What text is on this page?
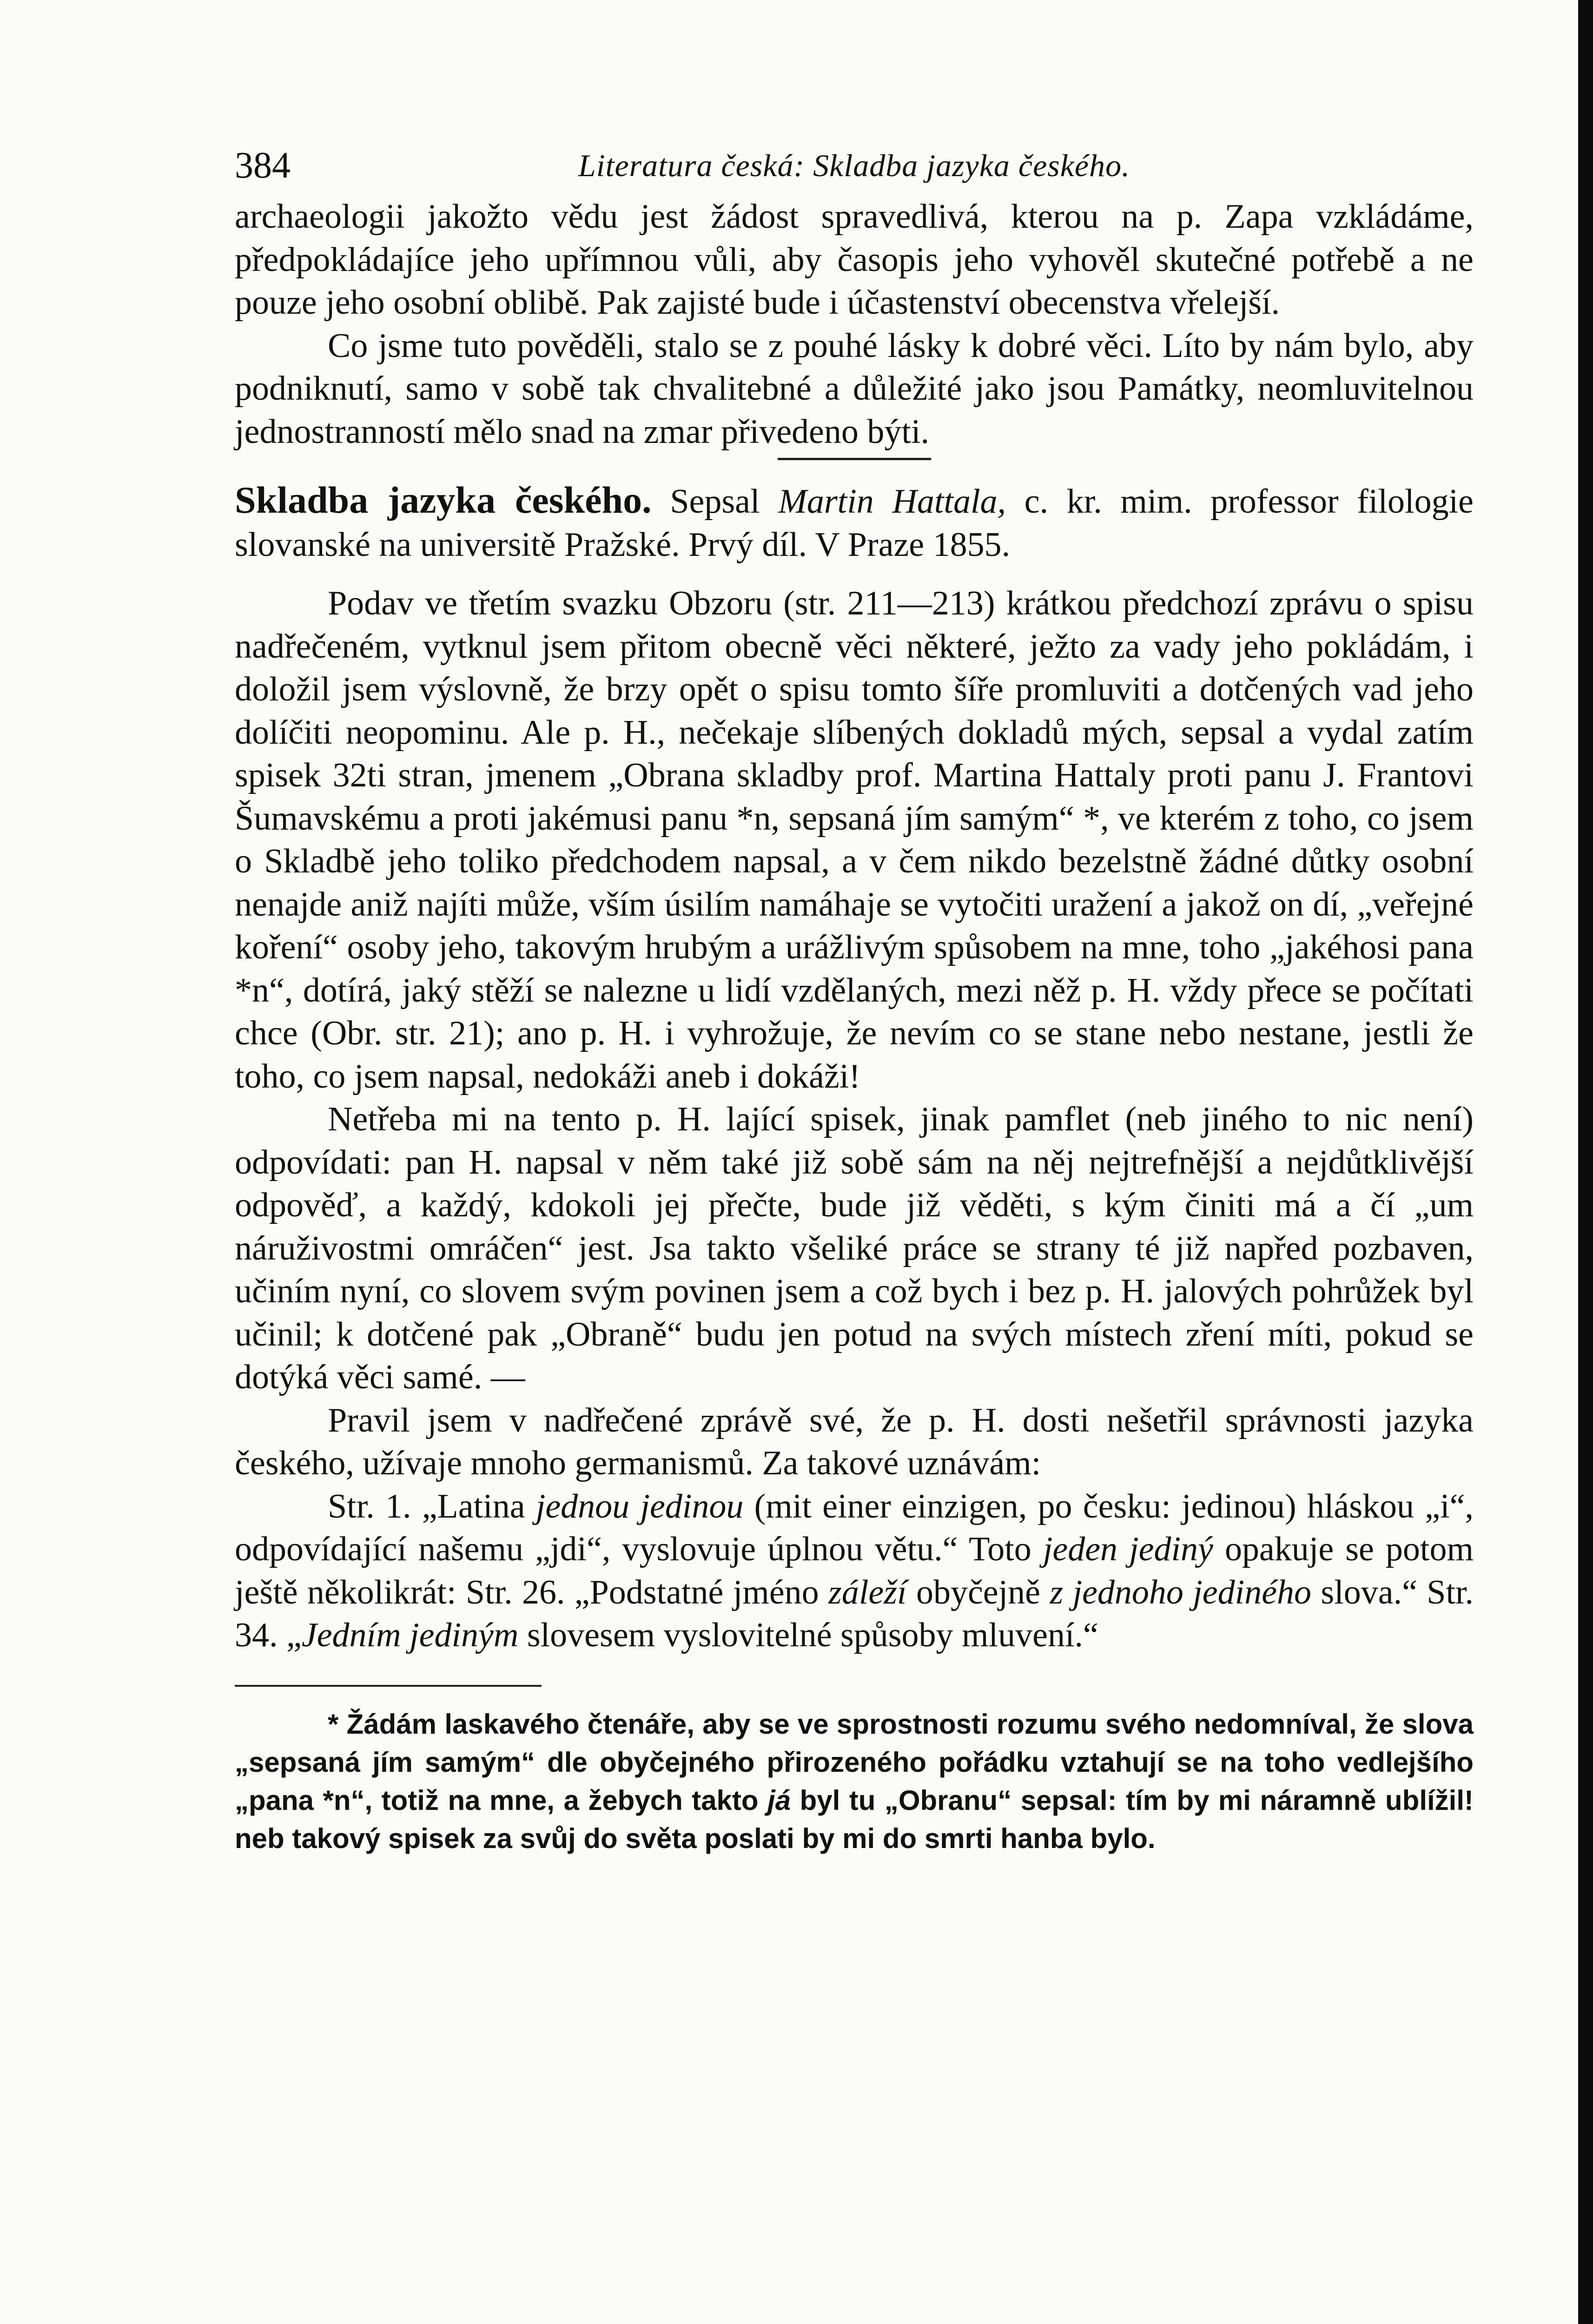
384	Literatura česká: Skladba jazyka českého.

archaeologii jakožto vědu jest žádost spravedlivá, kterou na p. Zapa vzkládáme, předpokládajíce jeho upřímnou vůli, aby časopis jeho vyhověl skutečné potřebě a ne pouze jeho osobní oblibě. Pak zajisté bude i účastenství obecenstva vřelejší.

Co jsme tuto pověděli, stalo se z pouhé lásky k dobré věci. Líto by nám bylo, aby podniknutí, samo v sobě tak chvalitebné a důležité jako jsou Památky, neomluvitelnou jednostranností mělo snad na zmar přivedeno býti.

Skladba jazyka českého. Sepsal Martin Hattala, c. kr. mim. professor filologie slovanské na universitě Pražské. Prvý díl. V Praze 1855.

Podav ve třetím svazku Obzoru (str. 211—213) krátkou předchozí zprávu o spisu nadřečeném, vytknul jsem přitom obecně věci některé, ježto za vady jeho pokládám, i doložil jsem výslovně, že brzy opět o spisu tomto šíře promluviti a dotčených vad jeho dolíčiti neopominu. Ale p. H., nečekaje slíbených dokladů mých, sepsal a vydal zatím spisek 32ti stran, jmenem „Obrana skladby prof. Martina Hattaly proti panu J. Frantovi Šumavskému a proti jakémusi panu *n, sepsaná jím samým“ *, ve kterém z toho, co jsem o Skladbě jeho toliko předchodem napsal, a v čem nikdo bezelstně žádné důtky osobní nenajde aniž najíti může, vším úsilím namáhaje se vytočiti uražení a jakož on dí, „veřejné koření“ osoby jeho, takovým hrubým a urážlivým spůsobem na mne, toho „jakéhosi pana *n“, dotírá, jaký stěží se nalezne u lidí vzdělaných, mezi něž p. H. vždy přece se počítati chce (Obr. str. 21); ano p. H. i vyhrožuje, že nevím co se stane nebo nestane, jestli že toho, co jsem napsal, nedokáži aneb i dokáži!

Netřeba mi na tento p. H. lající spisek, jinak pamflet (neb jiného to nic není) odpovídati: pan H. napsal v něm také již sobě sám na něj nejtrefnější a nejdůtklivější odpověď, a každý, kdokoli jej přečte, bude již věděti, s kým činiti má a čí „um náruživostmi omráčen“ jest. Jsa takto všeliké práce se strany té již napřed pozbaven, učiním nyní, co slovem svým povinen jsem a což bych i bez p. H. jalových pohrůžek byl učinil; k dotčené pak „Obraně“ budu jen potud na svých místech zření míti, pokud se dotýká věci samé. —

Pravil jsem v nadřečené zprávě své, že p. H. dosti nešetřil správnosti jazyka českého, užívaje mnoho germanismů. Za takové uznávám:

Str. 1. „Latina jednou jedinou (mit einer einzigen, po česku: jedinou) hláskou „i“, odpovídající našemu „jdi“, vyslovuje úplnou větu.“ Toto jeden jediný opakuje se potom ještě několikrát: Str. 26. „Podstatné jméno záleží obyčejně z jednoho jediného slova.“ Str. 34. „Jedním jediným slovesem vyslovitelné spůsoby mluvení.“

* Žádám laskavého čtenáře, aby se ve sprostnosti rozumu svého nedomníval, že slova „sepsaná jím samým“ dle obyčejného přirozeného pořádku vztahují se na toho vedlejšího „pana *n“, totiž na mne, a žebych takto já byl tu „Obranu“ sepsal: tím by mi náramně ublížil! neb takový spisek za svůj do světa poslati by mi do smrti hanba bylo.
